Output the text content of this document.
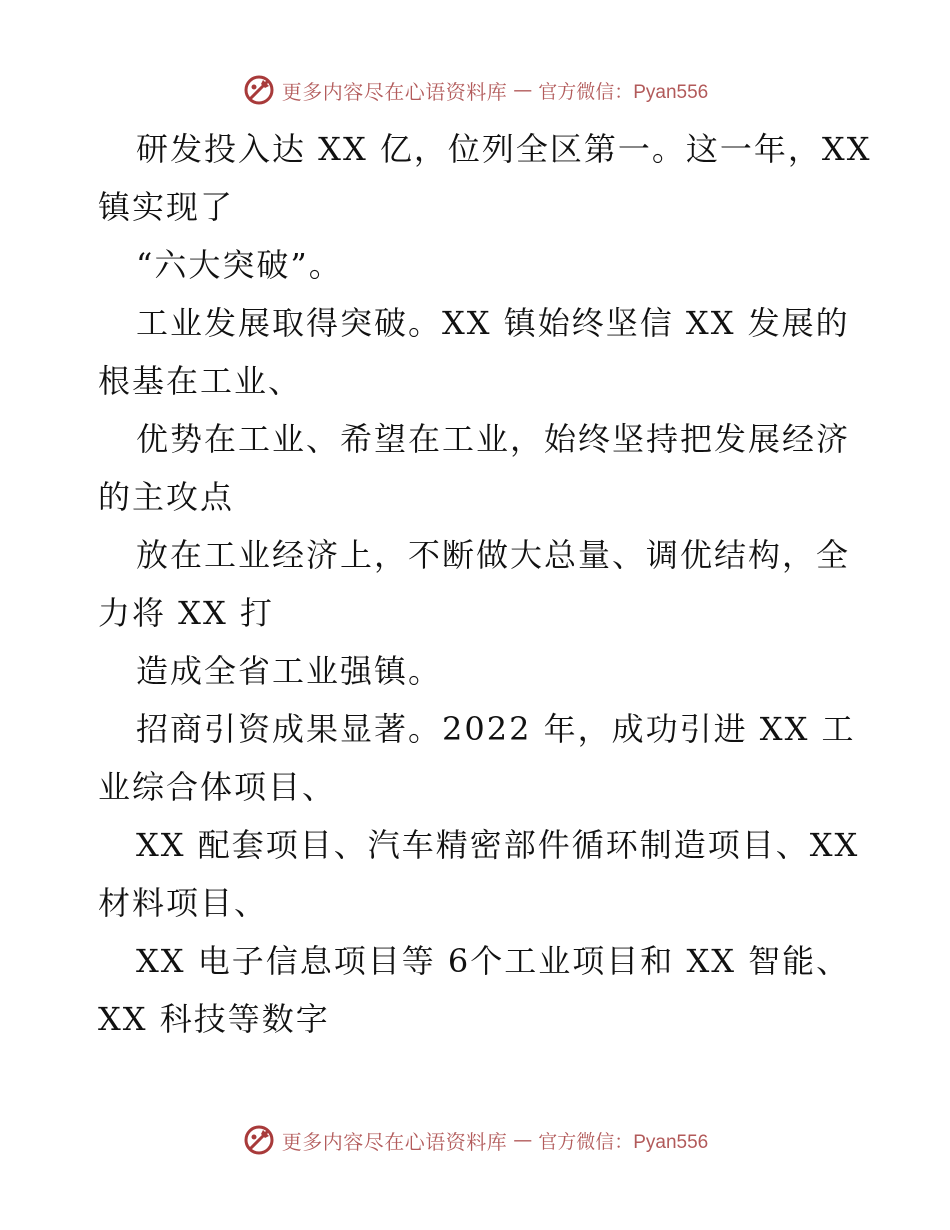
更多内容尽在心语资料库 — 官方微信：Pyan556
研发投入达 XX 亿，位列全区第一。这一年，XX
镇实现了
“六大突破”。
工业发展取得突破。XX 镇始终坚信 XX 发展的
根基在工业、
优势在工业、希望在工业，始终坚持把发展经济
的主攻点
放在工业经济上，不断做大总量、调优结构，全
力将 XX 打
造成全省工业强镇。
招商引资成果显著。2022 年，成功引进 XX 工
业综合体项目、
XX 配套项目、汽车精密部件循环制造项目、XX
材料项目、
XX 电子信息项目等 6个工业项目和 XX 智能、
XX 科技等数字
更多内容尽在心语资料库 — 官方微信：Pyan556
